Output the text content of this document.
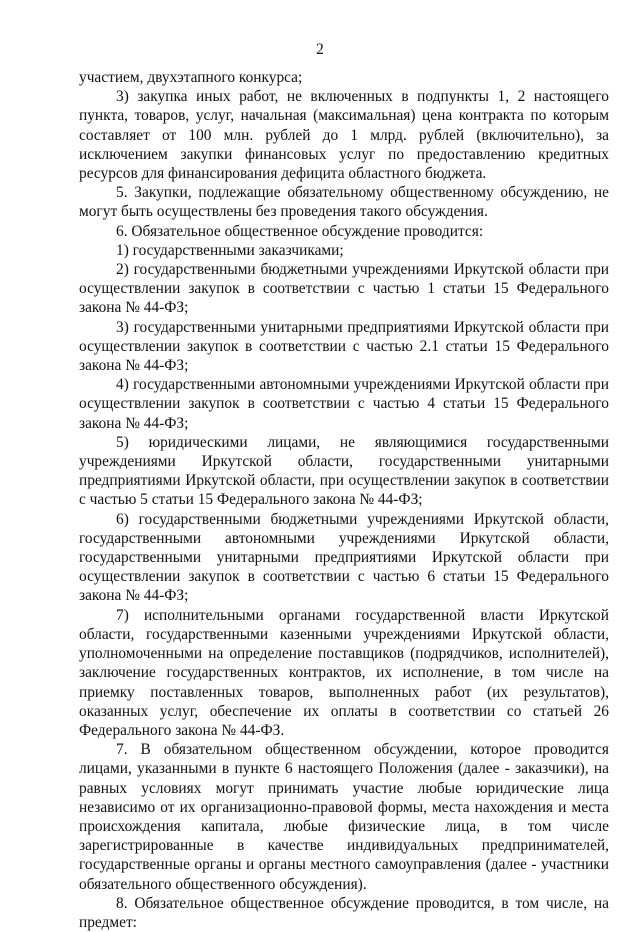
2

участием, двухэтапного конкурса;

3) закупка иных работ, не включенных в подпункты 1, 2 настоящего пункта, товаров, услуг, начальная (максимальная) цена контракта по которым составляет от 100 млн. рублей до 1 млрд. рублей (включительно), за исключением закупки финансовых услуг по предоставлению кредитных ресурсов для финансирования дефицита областного бюджета.

5. Закупки, подлежащие обязательному общественному обсуждению, не могут быть осуществлены без проведения такого обсуждения.

6. Обязательное общественное обсуждение проводится:

1) государственными заказчиками;

2) государственными бюджетными учреждениями Иркутской области при осуществлении закупок в соответствии с частью 1 статьи 15 Федерального закона № 44-ФЗ;

3) государственными унитарными предприятиями Иркутской области при осуществлении закупок в соответствии с частью 2.1 статьи 15 Федерального закона № 44-ФЗ;

4) государственными автономными учреждениями Иркутской области при осуществлении закупок в соответствии с частью 4 статьи 15 Федерального закона № 44-ФЗ;

5) юридическими лицами, не являющимися государственными учреждениями Иркутской области, государственными унитарными предприятиями Иркутской области, при осуществлении закупок в соответствии с частью 5 статьи 15 Федерального закона № 44-ФЗ;

6) государственными бюджетными учреждениями Иркутской области, государственными автономными учреждениями Иркутской области, государственными унитарными предприятиями Иркутской области при осуществлении закупок в соответствии с частью 6 статьи 15 Федерального закона № 44-ФЗ;

7) исполнительными органами государственной власти Иркутской области, государственными казенными учреждениями Иркутской области, уполномоченными на определение поставщиков (подрядчиков, исполнителей), заключение государственных контрактов, их исполнение, в том числе на приемку поставленных товаров, выполненных работ (их результатов), оказанных услуг, обеспечение их оплаты в соответствии со статьей 26 Федерального закона № 44-ФЗ.

7. В обязательном общественном обсуждении, которое проводится лицами, указанными в пункте 6 настоящего Положения (далее - заказчики), на равных условиях могут принимать участие любые юридические лица независимо от их организационно-правовой формы, места нахождения и места происхождения капитала, любые физические лица, в том числе зарегистрированные в качестве индивидуальных предпринимателей, государственные органы и органы местного самоуправления (далее - участники обязательного общественного обсуждения).

8. Обязательное общественное обсуждение проводится, в том числе, на предмет:
